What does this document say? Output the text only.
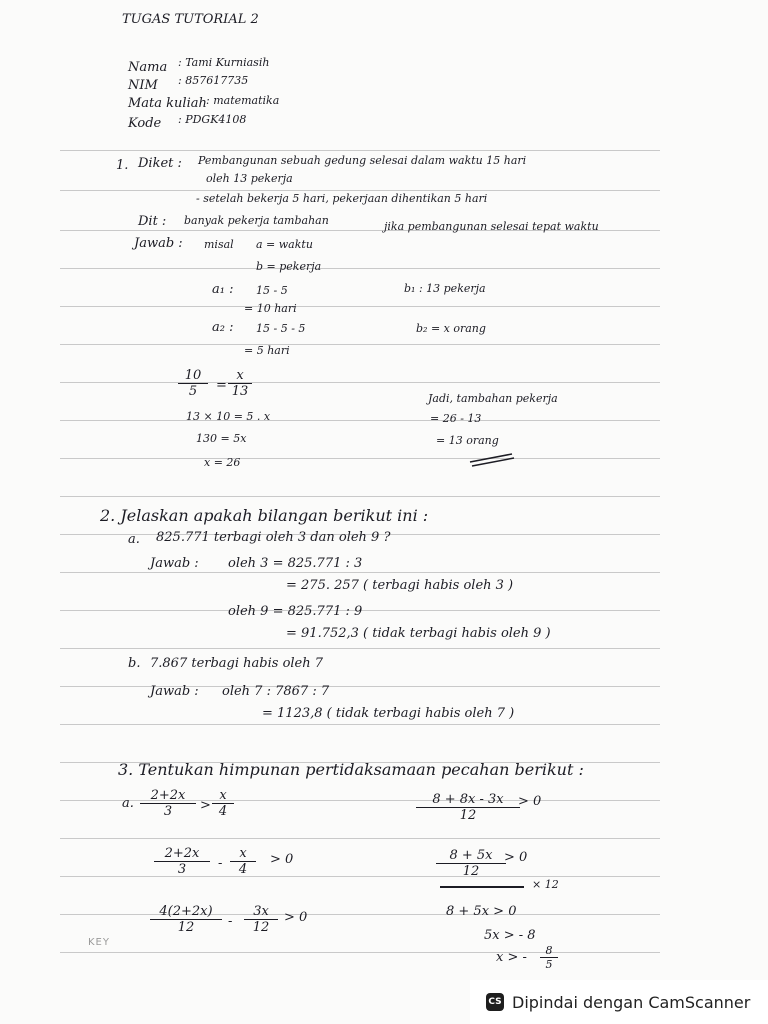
TUGAS TUTORIAL 2
Nama : Tami Kurniasih
NIM : 857617735
Mata kuliah : matematika
Kode : PDGK4108
1. Diket : Pembangunan sebuah gedung selesai dalam waktu 15 hari
oleh 13 pekerja
- setelah bekerja 5 hari, pekerjaan dihentikan 5 hari
Dit : banyak pekerja tambahan	jika pembangunan selesai tepat waktu
Jawab : misal a = waktu
b = pekerja
a₁ : 15 - 5
= 10 hari
b₁ : 13 pekerja
a₂ : 15 - 5 - 5
= 5 hari
b₂ = x orang
$\frac{10}{5} = \frac{x}{13}$
13 × 10 = 5 . x
130 = 5x
x = 26
Jadi, tambahan pekerja
= 26 - 13
= 13 orang
2. Jelaskan apakah bilangan berikut ini :
a. 825.771 terbagi oleh 3 dan oleh 9 ?
Jawab : oleh 3 = 825.771 : 3
= 275. 257 ( terbagi habis oleh 3 )
oleh 9 = 825.771 : 9
= 91.752,3 ( tidak terbagi habis oleh 9 )
b. 7.867 terbagi habis oleh 7
Jawab : oleh 7 : 7867 : 7
= 1123,8 ( tidak terbagi habis oleh 7 )
3. Tentukan himpunan pertidaksamaan pecahan berikut :
a. $\frac{2+2x}{3} > \frac{x}{4}$
$\frac{2+2x}{3} - \frac{x}{4} > 0$
$\frac{4(2+2x)}{12} - \frac{3x}{12} > 0$
$\frac{8 + 8x - 3x}{12}$
> 0
$\frac{8 + 5x}{12}$
> 0
× 12
8 + 5x > 0
5x > - 8
x > - $\frac{8}{5}$
KEY
CS Dipindai dengan CamScanner
